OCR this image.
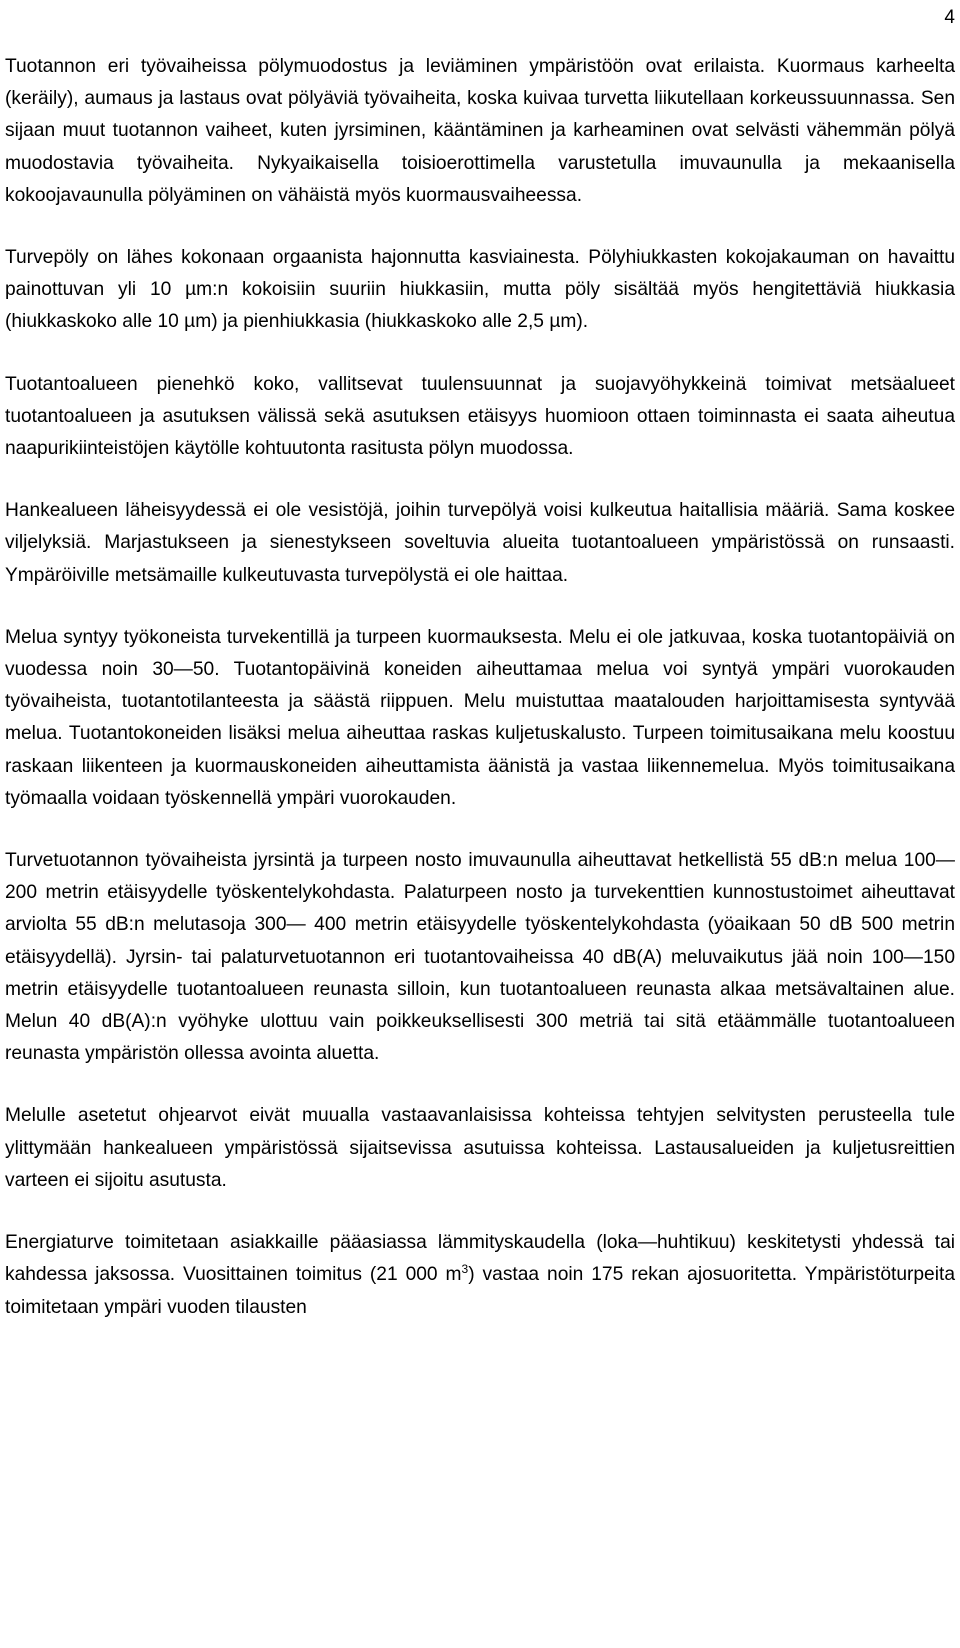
4

Tuotannon eri työvaiheissa pölymuodostus ja leviäminen ympäristöön ovat erilaista. Kuormaus karheelta (keräily), aumaus ja lastaus ovat pölyäviä työvaiheita, koska kuivaa turvetta liikutellaan korkeussuunnassa. Sen sijaan muut tuotannon vaiheet, kuten jyrsiminen, kääntäminen ja karheaminen ovat selvästi vähemmän pölyä muodostavia työvaiheita. Nykyaikaisella toisioerottimella varustetulla imuvaunulla ja mekaanisella kokoojavaunulla pölyäminen on vähäistä myös kuormausvaiheessa.

Turvepöly on lähes kokonaan orgaanista hajonnutta kasviainesta. Pölyhiukkasten kokojakauman on havaittu painottuvan yli 10 µm:n kokoisiin suuriin hiukkasiin, mutta pöly sisältää myös hengitettäviä hiukkasia (hiukkaskoko alle 10 µm) ja pienhiukkasia (hiukkaskoko alle 2,5 µm).

Tuotantoalueen pienehkö koko, vallitsevat tuulensuunnat ja suojavyöhykkeinä toimivat metsäalueet tuotantoalueen ja asutuksen välissä sekä asutuksen etäisyys huomioon ottaen toiminnasta ei saata aiheutua naapurikiinteistöjen käytölle kohtuutonta rasitusta pölyn muodossa.

Hankealueen läheisyydessä ei ole vesistöjä, joihin turvepölyä voisi kulkeutua haitallisia määriä. Sama koskee viljelyksiä. Marjastukseen ja sienestykseen soveltuvia alueita tuotantoalueen ympäristössä on runsaasti. Ympäröiville metsämaille kulkeutuvasta turvepölystä ei ole haittaa.

Melua syntyy työkoneista turvekentillä ja turpeen kuormauksesta. Melu ei ole jatkuvaa, koska tuotantopäiviä on vuodessa noin 30—50. Tuotantopäivinä koneiden aiheuttamaa melua voi syntyä ympäri vuorokauden työvaiheista, tuotantotilanteesta ja säästä riippuen. Melu muistuttaa maatalouden harjoittamisesta syntyvää melua. Tuotantokoneiden lisäksi melua aiheuttaa raskas kuljetuskalusto. Turpeen toimitusaikana melu koostuu raskaan liikenteen ja kuormauskoneiden aiheuttamista äänistä ja vastaa liikennemelua. Myös toimitusaikana työmaalla voidaan työskennellä ympäri vuorokauden.

Turvetuotannon työvaiheista jyrsintä ja turpeen nosto imuvaunulla aiheuttavat hetkellistä 55 dB:n melua 100—200 metrin etäisyydelle työskentelykohdasta. Palaturpeen nosto ja turvekenttien kunnostustoimet aiheuttavat arviolta 55 dB:n melutasoja 300— 400 metrin etäisyydelle työskentelykohdasta (yöaikaan 50 dB 500 metrin etäisyydellä). Jyrsin- tai palaturvetuotannon eri tuotantovaiheissa 40 dB(A) meluvaikutus jää noin 100—150 metrin etäisyydelle tuotantoalueen reunasta silloin, kun tuotantoalueen reunasta alkaa metsävaltainen alue. Melun 40 dB(A):n vyöhyke ulottuu vain poikkeuksellisesti 300 metriä tai sitä etäämmälle tuotantoalueen reunasta ympäristön ollessa avointa aluetta.

Melulle asetetut ohjearvot eivät muualla vastaavanlaisissa kohteissa tehtyjen selvitysten perusteella tule ylittymään hankealueen ympäristössä sijaitsevissa asutuissa kohteissa. Lastausalueiden ja kuljetusreittien varteen ei sijoitu asutusta.

Energiaturve toimitetaan asiakkaille pääasiassa lämmityskaudella (loka—huhtikuu) keskitetysti yhdessä tai kahdessa jaksossa. Vuosittainen toimitus (21 000 $m^3$) vastaa noin 175 rekan ajosuoritetta. Ympäristöturpeita toimitetaan ympäri vuoden tilausten
